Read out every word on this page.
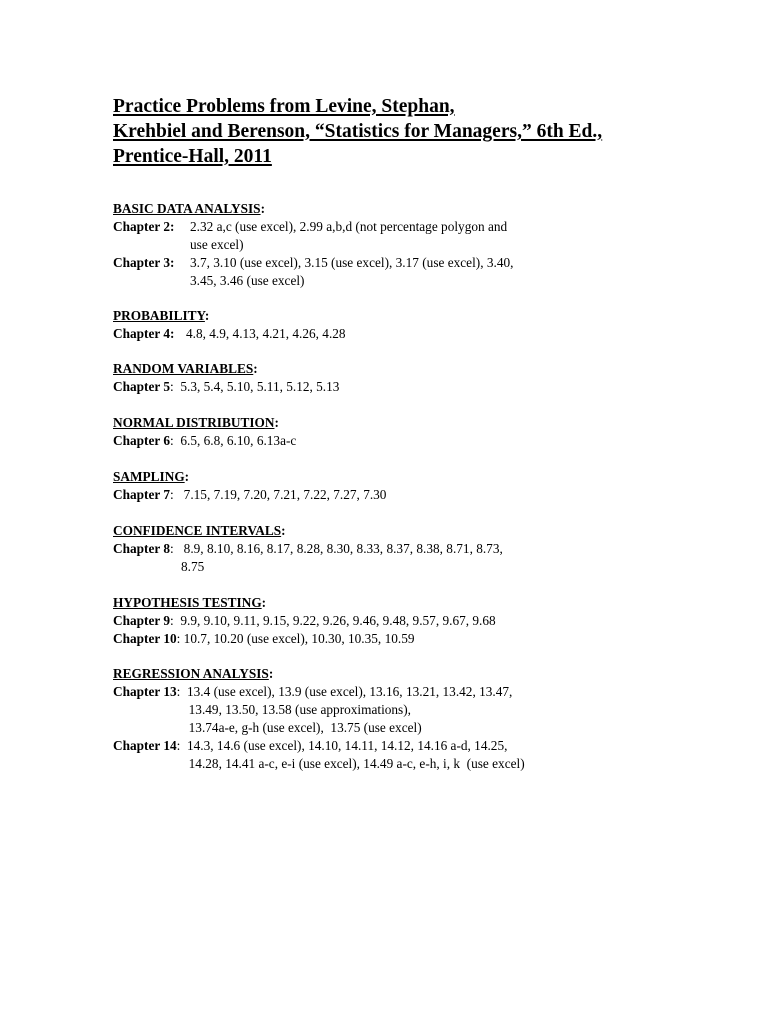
Practice Problems from Levine, Stephan,
Krehbiel and Berenson, “Statistics for Managers,” 6th Ed.,
Prentice-Hall, 2011
BASIC DATA ANALYSIS:
Chapter 2:	2.32 a,c (use excel), 2.99 a,b,d (not percentage polygon and
use excel)
Chapter 3:	3.7, 3.10 (use excel), 3.15 (use excel), 3.17 (use excel), 3.40,
3.45, 3.46 (use excel)
PROBABILITY:
Chapter 4: 4.8, 4.9, 4.13, 4.21, 4.26, 4.28
RANDOM VARIABLES:
Chapter 5 :  5.3, 5.4, 5.10, 5.11, 5.12, 5.13
NORMAL DISTRIBUTION:
Chapter 6 :  6.5, 6.8, 6.10, 6.13a-c
SAMPLING:
Chapter 7 :   7.15, 7.19, 7.20, 7.21, 7.22, 7.27, 7.30
CONFIDENCE INTERVALS:
Chapter 8 :   8.9, 8.10, 8.16, 8.17, 8.28, 8.30, 8.33, 8.37, 8.38, 8.71, 8.73,
8.75
HYPOTHESIS TESTING:
Chapter 9 :  9.9, 9.10, 9.11, 9.15, 9.22, 9.26, 9.46, 9.48, 9.57, 9.67, 9.68
Chapter 10 : 10.7, 10.20 (use excel), 10.30, 10.35, 10.59
REGRESSION ANALYSIS:
Chapter 13 :  13.4 (use excel), 13.9 (use excel), 13.16, 13.21, 13.42, 13.47,
13.49, 13.50, 13.58 (use approximations),
13.74a-e, g-h (use excel),  13.75 (use excel)
Chapter 14 :  14.3, 14.6 (use excel), 14.10, 14.11, 14.12, 14.16 a-d, 14.25,
14.28, 14.41 a-c, e-i (use excel), 14.49 a-c, e-h, i, k  (use excel)
